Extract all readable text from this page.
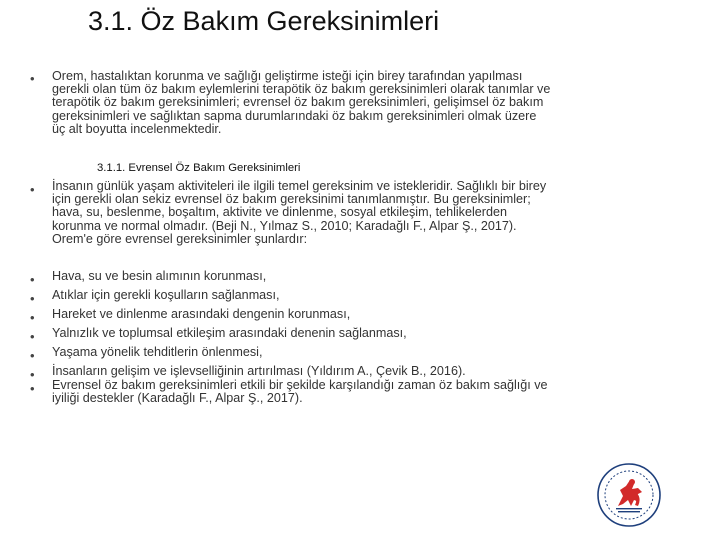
3.1. Öz Bakım Gereksinimleri
• Orem, hastalıktan korunma ve sağlığı geliştirme isteği için birey tarafından yapılması gerekli olan tüm öz bakım eylemlerini terapötik öz bakım gereksinimleri olarak tanımlar ve terapötik öz bakım gereksinimleri; evrensel öz bakım gereksinimleri, gelişimsel öz bakım gereksinimleri ve sağlıktan sapma durumlarındaki öz bakım gereksinimleri olmak üzere üç alt boyutta incelenmektedir.
3.1.1. Evrensel Öz Bakım Gereksinimleri
• İnsanın günlük yaşam aktiviteleri ile ilgili temel gereksinim ve istekleridir. Sağlıklı bir birey için gerekli olan sekiz evrensel öz bakım gereksinimi tanımlanmıştır. Bu gereksinimler; hava, su, beslenme, boşaltım, aktivite ve dinlenme, sosyal etkileşim, tehlikelerden korunma ve normal olmadır. (Beji N., Yılmaz S., 2010; Karadağlı F., Alpar Ş., 2017). Orem'e göre evrensel gereksinimler şunlardır:
• Hava, su ve besin alımının korunması,
• Atıklar için gerekli koşulların sağlanması,
• Hareket ve dinlenme arasındaki dengenin korunması,
• Yalnızlık ve toplumsal etkileşim arasındaki denenin sağlanması,
• Yaşama yönelik tehditlerin önlenmesi,
• İnsanların gelişim ve işlevselliğinin artırılması (Yıldırım A., Çevik B., 2016).
• Evrensel öz bakım gereksinimleri etkili bir şekilde karşılandığı zaman öz bakım sağlığı ve iyiliği destekler (Karadağlı F., Alpar Ş., 2017).
